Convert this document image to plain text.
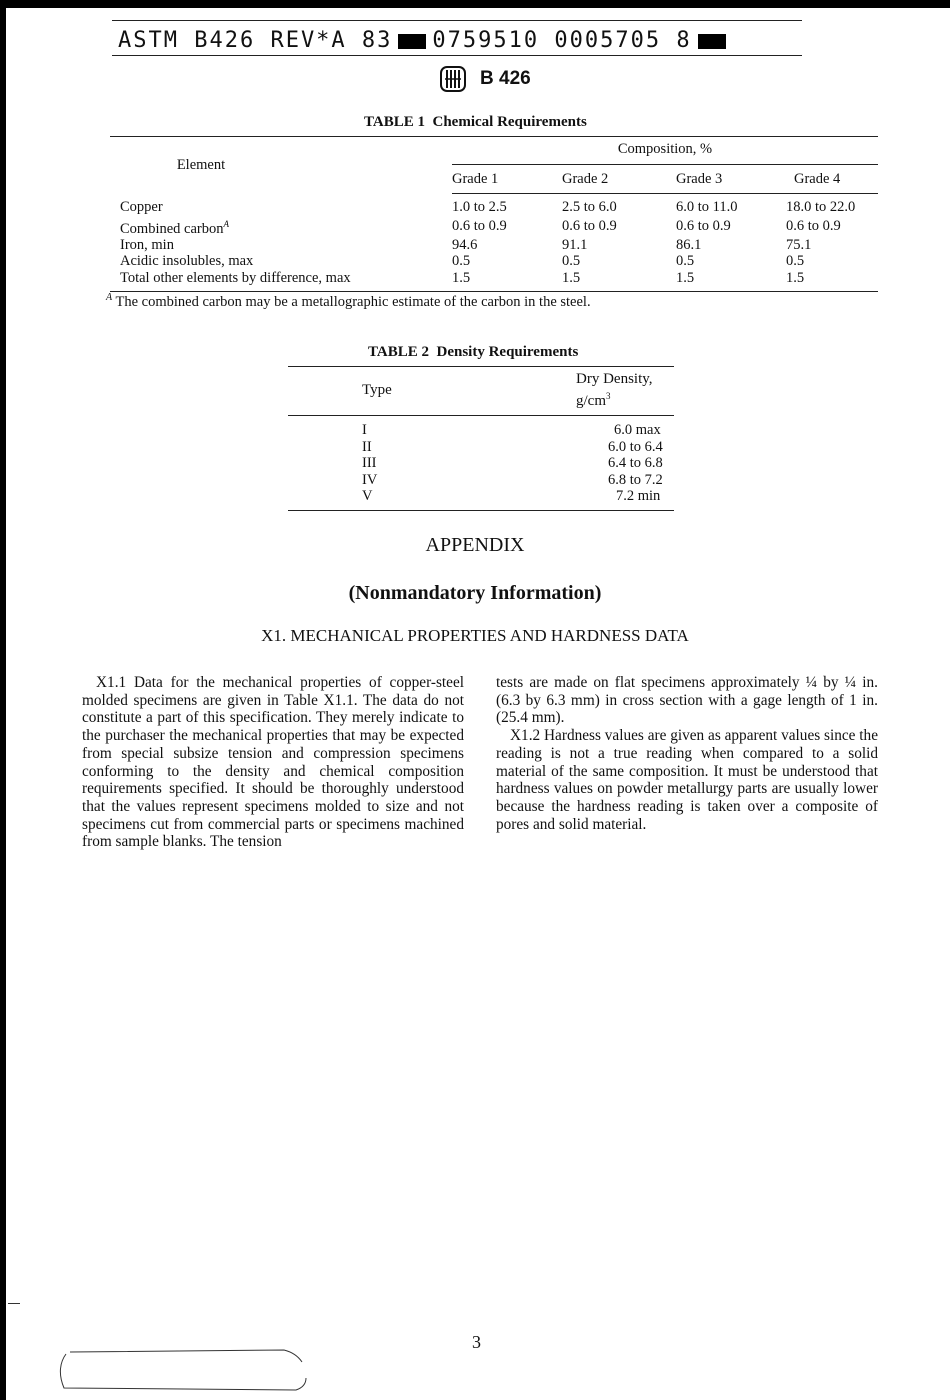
ASTM B426 REV*A 83 0759510 0005705 8
B 426
TABLE 1 Chemical Requirements
Element	Composition, %			
	Grade 1	Grade 2	Grade 3	Grade 4
Copper	1.0 to 2.5	2.5 to 6.0	6.0 to 11.0	18.0 to 22.0
Combined carbon$^A$	0.6 to 0.9	0.6 to 0.9	0.6 to 0.9	0.6 to 0.9
Iron, min	94.6	91.1	86.1	75.1
Acidic insolubles, max	0.5	0.5	0.5	0.5
Total other elements by difference, max	1.5	1.5	1.5	1.5
$^A$ The combined carbon may be a metallographic estimate of the carbon in the steel.
TABLE 2 Density Requirements
Type	Dry Density, $g/cm^3$
I	6.0 max
II	6.0 to 6.4
III	6.4 to 6.8
IV	6.8 to 7.2
V	7.2 min
APPENDIX
(Nonmandatory Information)
X1. MECHANICAL PROPERTIES AND HARDNESS DATA

X1.1 Data for the mechanical properties of copper-steel molded specimens are given in Table X1.1. The data do not constitute a part of this specification. They merely indicate to the purchaser the mechanical properties that may be expected from special subsize tension and compression specimens conforming to the density and chemical composition requirements specified. It should be thoroughly understood that the values represent specimens molded to size and not specimens cut from commercial parts or specimens machined from sample blanks. The tension

tests are made on flat specimens approximately ¼ by ¼ in. (6.3 by 6.3 mm) in cross section with a gage length of 1 in. (25.4 mm).

X1.2 Hardness values are given as apparent values since the reading is not a true reading when compared to a solid material of the same composition. It must be understood that hardness values on powder metallurgy parts are usually lower because the hardness reading is taken over a composite of pores and solid material.

3
